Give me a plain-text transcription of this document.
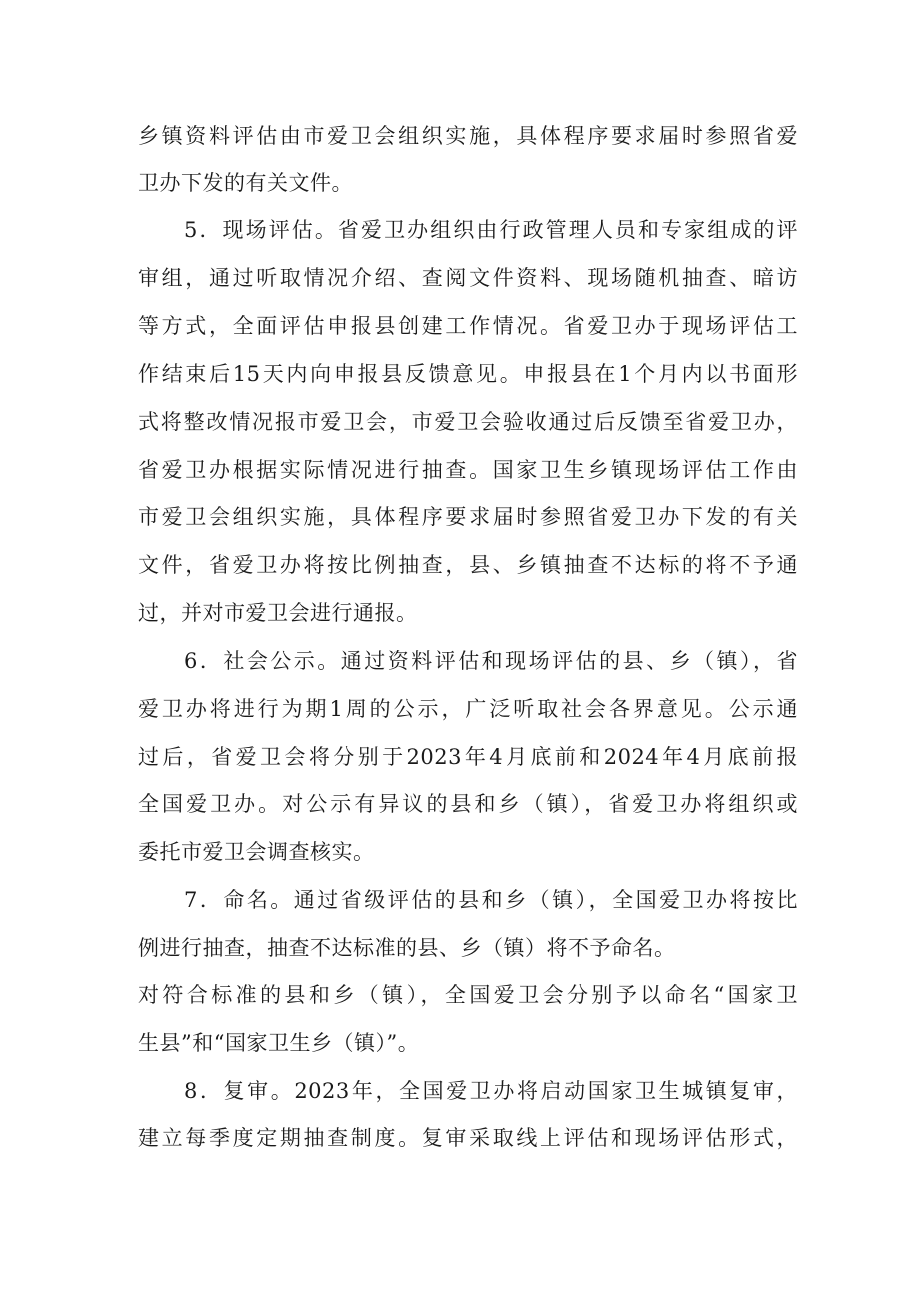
乡镇资料评估由市爱卫会组织实施，具体程序要求届时参照省爱
卫办下发的有关文件。
5．现场评估。省爱卫办组织由行政管理人员和专家组成的评
审组，通过听取情况介绍、查阅文件资料、现场随机抽查、暗访
等方式，全面评估申报县创建工作情况。省爱卫办于现场评估工
作结束后15天内向申报县反馈意见。申报县在1个月内以书面形
式将整改情况报市爱卫会，市爱卫会验收通过后反馈至省爱卫办，
省爱卫办根据实际情况进行抽查。国家卫生乡镇现场评估工作由
市爱卫会组织实施，具体程序要求届时参照省爱卫办下发的有关
文件，省爱卫办将按比例抽查，县、乡镇抽查不达标的将不予通
过，并对市爱卫会进行通报。
6．社会公示。通过资料评估和现场评估的县、乡（镇），省
爱卫办将进行为期1周的公示，广泛听取社会各界意见。公示通
过后，省爱卫会将分别于2023年4月底前和2024年4月底前报
全国爱卫办。对公示有异议的县和乡（镇），省爱卫办将组织或
委托市爱卫会调查核实。
7．命名。通过省级评估的县和乡（镇），全国爱卫办将按比
例进行抽查，抽查不达标准的县、乡（镇）将不予命名。
对符合标准的县和乡（镇），全国爱卫会分别予以命名“国家卫
生县”和“国家卫生乡（镇）”。
8．复审。2023年，全国爱卫办将启动国家卫生城镇复审，
建立每季度定期抽查制度。复审采取线上评估和现场评估形式，
